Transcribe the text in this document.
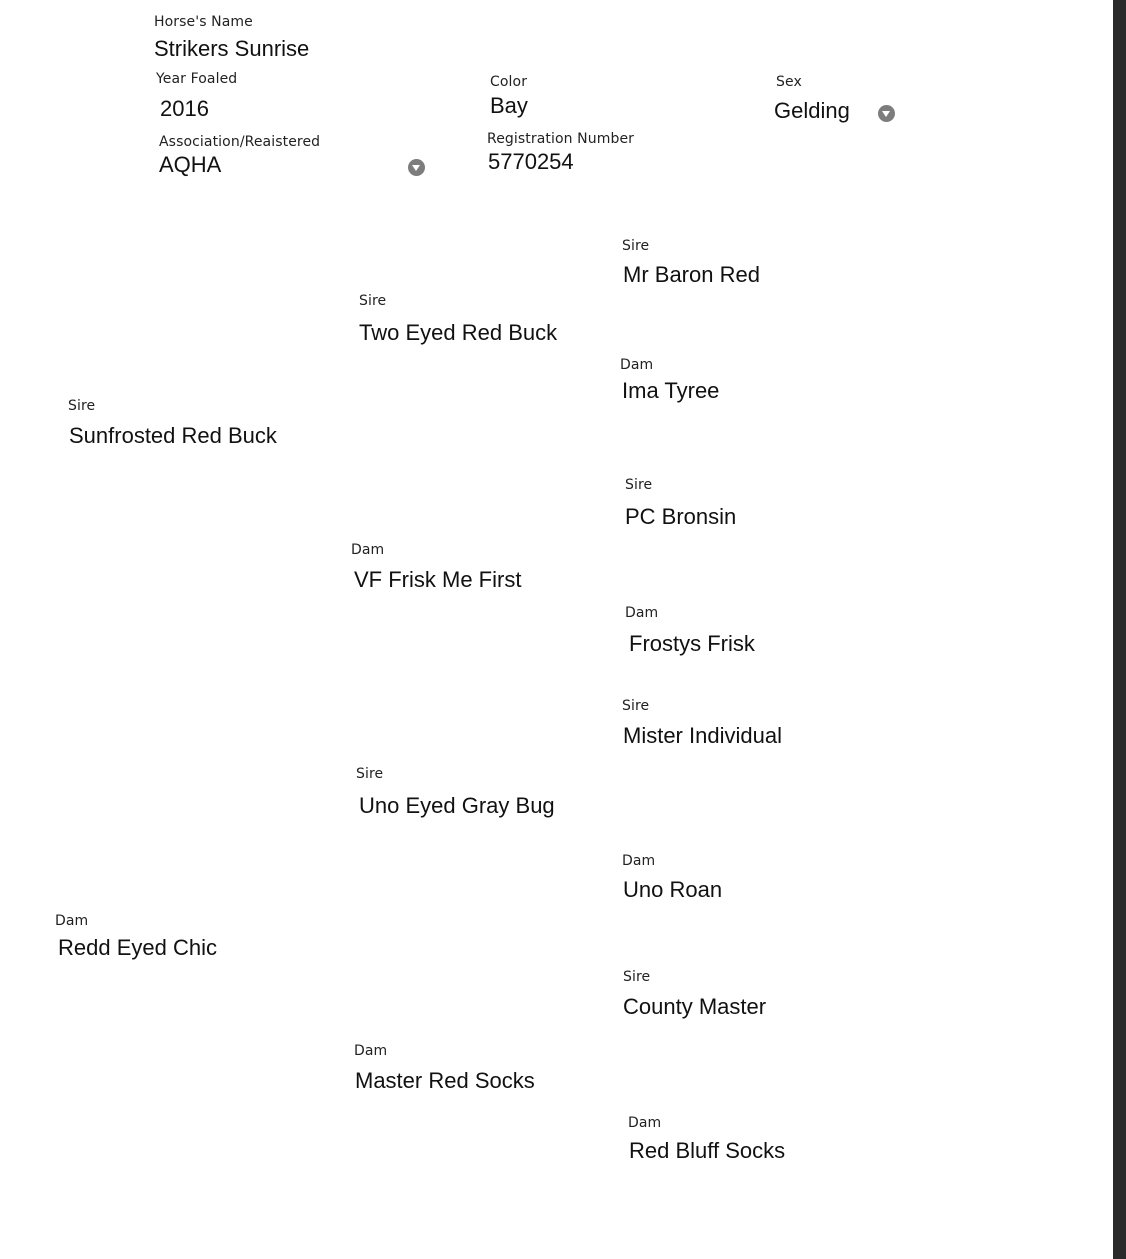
Horse's Name
Strikers Sunrise
Year Foaled
2016
Color
Bay
Sex
Gelding
Association/Reaistered
AQHA
Registration Number
5770254
Sire
Sunfrosted Red Buck
Dam
Redd Eyed Chic
Sire
Two Eyed Red Buck
Dam
VF Frisk Me First
Sire
Uno Eyed Gray Bug
Dam
Master Red Socks
Sire
Mr Baron Red
Dam
Ima Tyree
Sire
PC Bronsin
Dam
Frostys Frisk
Sire
Mister Individual
Dam
Uno Roan
Sire
County Master
Dam
Red Bluff Socks
